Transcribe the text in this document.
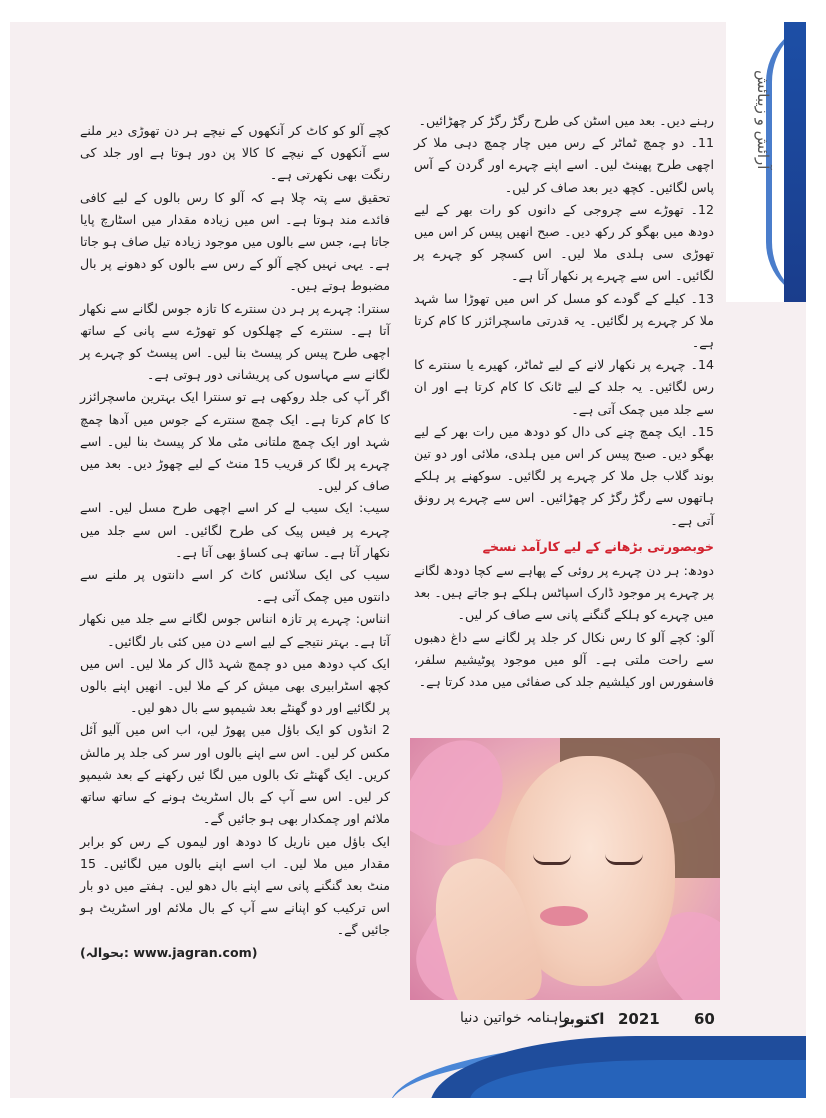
آرائش و زیبائش

رہنے دیں۔ بعد میں اسٹن کی طرح رگڑ رگڑ کر چھڑائیں۔

11۔ دو چمچ ٹماٹر کے رس میں چار چمچ دہی ملا کر اچھی طرح پھینٹ لیں۔ اسے اپنے چہرے اور گردن کے آس پاس لگائیں۔ کچھ دیر بعد صاف کر لیں۔

12۔ تھوڑے سے چروجی کے دانوں کو رات بھر کے لیے دودھ میں بھگو کر رکھ دیں۔ صبح انھیں پیس کر اس میں تھوڑی سی ہلدی ملا لیں۔ اس کسچر کو چہرے پر لگائیں۔ اس سے چہرے پر نکھار آتا ہے۔

13۔ کیلے کے گودے کو مسل کر اس میں تھوڑا سا شہد ملا کر چہرے پر لگائیں۔ یہ قدرتی ماسچرائزر کا کام کرتا ہے۔

14۔ چہرے پر نکھار لانے کے لیے ٹماٹر، کھیرے یا سنترے کا رس لگائیں۔ یہ جلد کے لیے ٹانک کا کام کرتا ہے اور ان سے جلد میں چمک آتی ہے۔

15۔ ایک چمچ چنے کی دال کو دودھ میں رات بھر کے لیے بھگو دیں۔ صبح پیس کر اس میں ہلدی، ملائی اور دو تین بوند گلاب جل ملا کر چہرے پر لگائیں۔ سوکھنے پر ہلکے ہاتھوں سے رگڑ رگڑ کر چھڑائیں۔ اس سے چہرے پر رونق آتی ہے۔

خوبصورتی بڑھانے کے لیے کارآمد نسخے

دودھ: ہر دن چہرے پر روئی کے پھاہے سے کچا دودھ لگانے پر چہرے پر موجود ڈارک اسپاٹس ہلکے ہو جاتے ہیں۔ بعد میں چہرے کو ہلکے گنگنے پانی سے صاف کر لیں۔

آلو: کچے آلو کا رس نکال کر جلد پر لگانے سے داغ دھبوں سے راحت ملتی ہے۔ آلو میں موجود پوٹیشیم سلفر، فاسفورس اور کیلشیم جلد کی صفائی میں مدد کرتا ہے۔

کچے آلو کو کاٹ کر آنکھوں کے نیچے ہر دن تھوڑی دیر ملنے سے آنکھوں کے نیچے کا کالا پن دور ہوتا ہے اور جلد کی رنگت بھی نکھرتی ہے۔

تحقیق سے پتہ چلا ہے کہ آلو کا رس بالوں کے لیے کافی فائدے مند ہوتا ہے۔ اس میں زیادہ مقدار میں اسٹارچ پایا جاتا ہے، جس سے بالوں میں موجود زیادہ تیل صاف ہو جاتا ہے۔ یہی نہیں کچے آلو کے رس سے بالوں کو دھونے پر بال مضبوط ہوتے ہیں۔

سنترا: چہرے پر ہر دن سنترے کا تازہ جوس لگانے سے نکھار آتا ہے۔ سنترے کے چھلکوں کو تھوڑے سے پانی کے ساتھ اچھی طرح پیس کر پیسٹ بنا لیں۔ اس پیسٹ کو چہرے پر لگانے سے مہاسوں کی پریشانی دور ہوتی ہے۔

اگر آپ کی جلد روکھی ہے تو سنترا ایک بہترین ماسچرائزر کا کام کرتا ہے۔ ایک چمچ سنترے کے جوس میں آدھا چمچ شہد اور ایک چمچ ملتانی مٹی ملا کر پیسٹ بنا لیں۔ اسے چہرے پر لگا کر قریب 15 منٹ کے لیے چھوڑ دیں۔ بعد میں صاف کر لیں۔

سیب: ایک سیب لے کر اسے اچھی طرح مسل لیں۔ اسے چہرے پر فیس پیک کی طرح لگائیں۔ اس سے جلد میں نکھار آتا ہے۔ ساتھ ہی کساؤ بھی آتا ہے۔

سیب کی ایک سلائس کاٹ کر اسے دانتوں پر ملنے سے دانتوں میں چمک آتی ہے۔

انناس: چہرے پر تازہ انناس جوس لگانے سے جلد میں نکھار آتا ہے۔ بہتر نتیجے کے لیے اسے دن میں کئی بار لگائیں۔

ایک کپ دودھ میں دو چمچ شہد ڈال کر ملا لیں۔ اس میں کچھ اسٹرابیری بھی میش کر کے ملا لیں۔ انھیں اپنے بالوں پر لگائیے اور دو گھنٹے بعد شیمپو سے بال دھو لیں۔

2 انڈوں کو ایک باؤل میں پھوڑ لیں، اب اس میں آلیو آئل مکس کر لیں۔ اس سے اپنے بالوں اور سر کی جلد پر مالش کریں۔ ایک گھنٹے تک بالوں میں لگا ئیں رکھنے کے بعد شیمپو کر لیں۔ اس سے آپ کے بال اسٹریٹ ہونے کے ساتھ ساتھ ملائم اور چمکدار بھی ہو جائیں گے۔

ایک باؤل میں ناریل کا دودھ اور لیموں کے رس کو برابر مقدار میں ملا لیں۔ اب اسے اپنے بالوں میں لگائیں۔ 15 منٹ بعد گنگنے پانی سے اپنے بال دھو لیں۔ ہفتے میں دو بار اس ترکیب کو اپنانے سے آپ کے بال ملائم اور اسٹریٹ ہو جائیں گے۔

(بحوالہ: www.jagran.com)

60
2021
اکتوبر
ماہنامہ خواتین دنیا
